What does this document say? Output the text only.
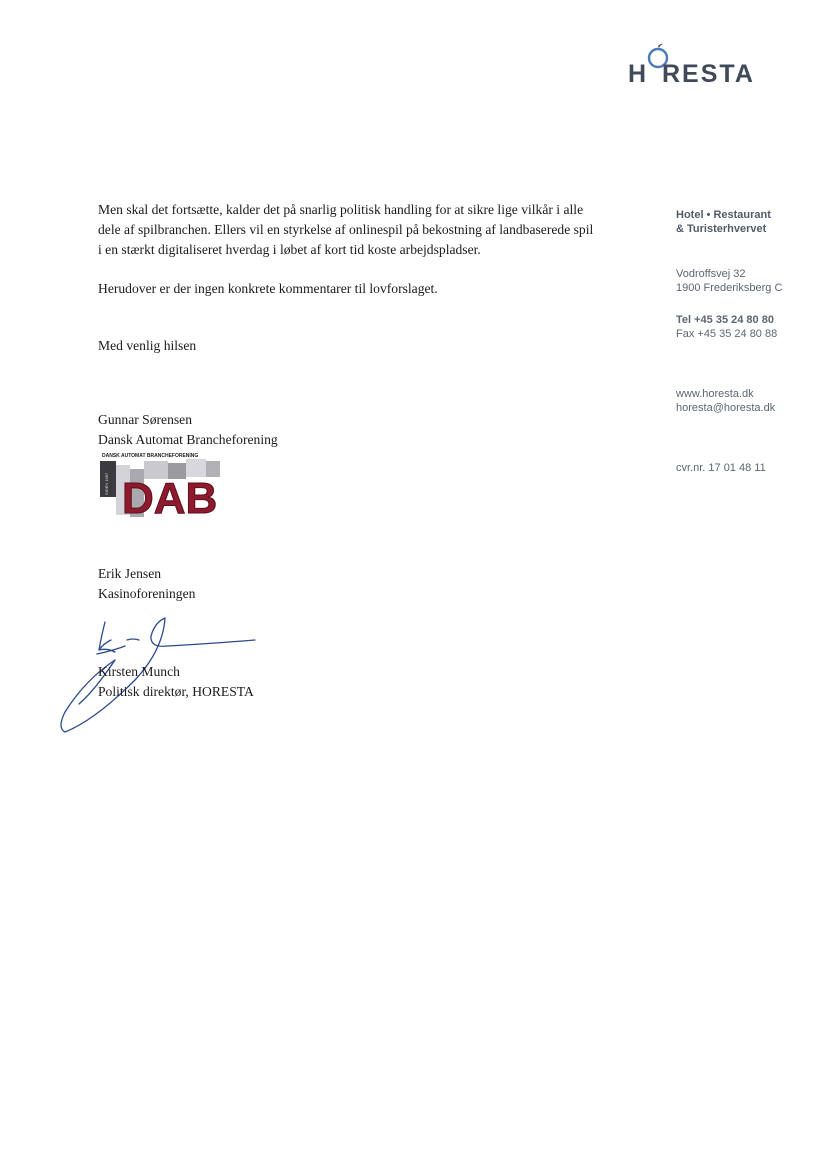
H RESTA
Men skal det fortsætte, kalder det på snarlig politisk handling for at sikre lige vilkår i alle
dele af spilbranchen. Ellers vil en styrkelse af onlinespil på bekostning af landbaserede spil
i en stærkt digitaliseret hverdag i løbet af kort tid koste arbejdspladser.
Herudover er der ingen konkrete kommentarer til lovforslaget.
Med venlig hilsen
Gunnar Sørensen
Dansk Automat Brancheforening
DANSK AUTOMAT BRANCHEFORENING
SIDEN 1987 DAB
Erik Jensen
Kasinoforeningen
Kirsten Munch
Politisk direktør, HORESTA
Hotel • Restaurant
& Turisterhvervet
Vodroffsvej 32
1900 Frederiksberg C
Tel +45 35 24 80 80
Fax +45 35 24 80 88
www.horesta.dk
horesta@horesta.dk
cvr.nr. 17 01 48 11
